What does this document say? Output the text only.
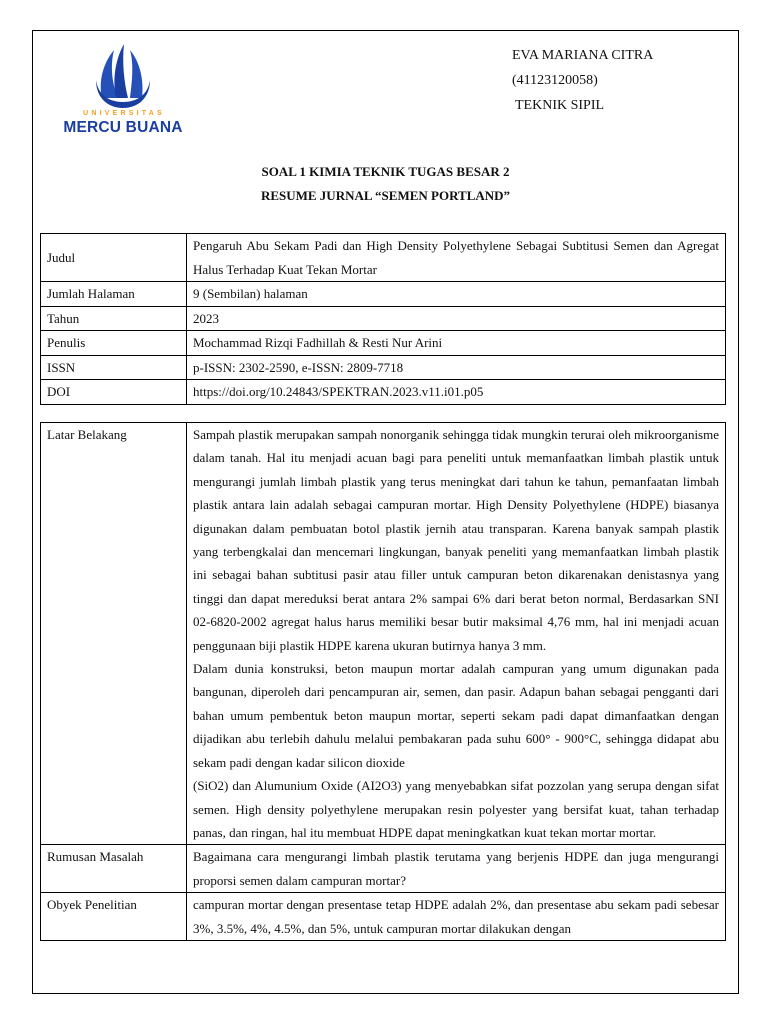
UNIVERSITAS
MERCU BUANA
EVA MARIANA CITRA
(41123120058)
TEKNIK SIPIL
SOAL 1 KIMIA TEKNIK TUGAS BESAR 2
RESUME JURNAL “SEMEN PORTLAND”
Judul	Pengaruh Abu Sekam Padi dan High Density Polyethylene Sebagai Subtitusi Semen dan Agregat Halus Terhadap Kuat Tekan Mortar

Jumlah Halaman	9 (Sembilan) halaman
Tahun	2023
Penulis	Mochammad Rizqi Fadhillah & Resti Nur Arini
ISSN	p-ISSN: 2302-2590, e-ISSN: 2809-7718
DOI	https://doi.org/10.24843/SPEKTRAN.2023.v11.i01.p05
Latar Belakang	Sampah plastik merupakan sampah nonorganik sehingga tidak mungkin terurai oleh mikroorganisme dalam tanah. Hal itu menjadi acuan bagi para peneliti untuk memanfaatkan limbah plastik untuk mengurangi jumlah limbah plastik yang terus meningkat dari tahun ke tahun, pemanfaatan limbah plastik antara lain adalah sebagai campuran mortar. High Density Polyethylene (HDPE) biasanya digunakan dalam pembuatan botol plastik jernih atau transparan. Karena banyak sampah plastik yang terbengkalai dan mencemari lingkungan, banyak peneliti yang memanfaatkan limbah plastik ini sebagai bahan subtitusi pasir atau filler untuk campuran beton dikarenakan denistasnya yang tinggi dan dapat mereduksi berat antara 2% sampai 6% dari berat beton normal, Berdasarkan SNI 02-6820-2002 agregat halus harus memiliki besar butir maksimal 4,76 mm, hal ini menjadi acuan penggunaan biji plastik HDPE karena ukuran butirnya hanya 3 mm.

Dalam dunia konstruksi, beton maupun mortar adalah campuran yang umum digunakan pada bangunan, diperoleh dari pencampuran air, semen, dan pasir. Adapun bahan sebagai pengganti dari bahan umum pembentuk beton maupun mortar, seperti sekam padi dapat dimanfaatkan dengan dijadikan abu terlebih dahulu melalui pembakaran pada suhu 600° - 900°C, sehingga didapat abu sekam padi dengan kadar silicon dioxide

(SiO2) dan Alumunium Oxide (AI2O3) yang menyebabkan sifat pozzolan yang serupa dengan sifat semen. High density polyethylene merupakan resin polyester yang bersifat kuat, tahan terhadap panas, dan ringan, hal itu membuat HDPE dapat meningkatkan kuat tekan mortar mortar.

Rumusan Masalah	Bagaimana cara mengurangi limbah plastik terutama yang berjenis HDPE dan juga mengurangi proporsi semen dalam campuran mortar?
Obyek Penelitian	campuran mortar dengan presentase tetap HDPE adalah 2%, dan presentase abu sekam padi sebesar 3%, 3.5%, 4%, 4.5%, dan 5%, untuk campuran mortar dilakukan dengan
